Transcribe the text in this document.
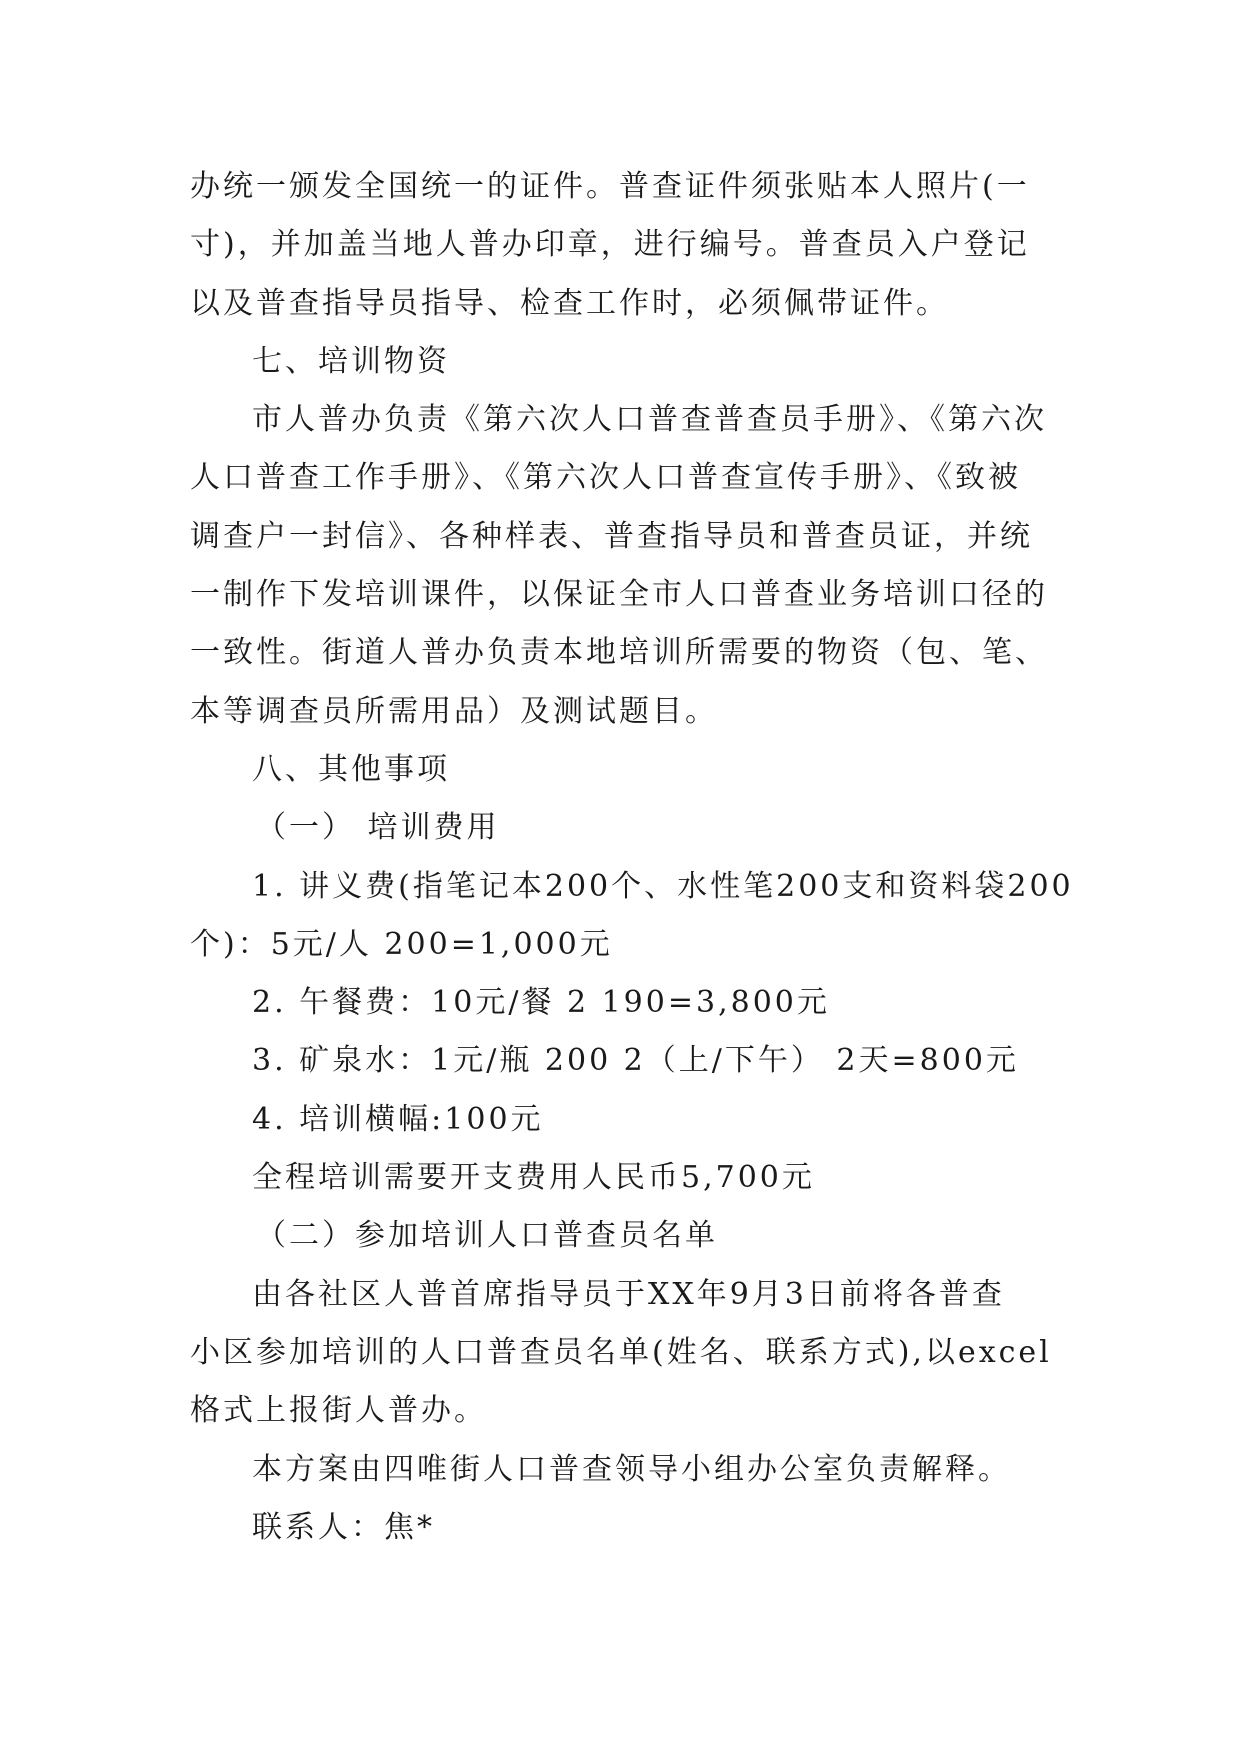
办统一颁发全国统一的证件。普查证件须张贴本人照片(一
寸)，并加盖当地人普办印章，进行编号。普查员入户登记
以及普查指导员指导、检查工作时，必须佩带证件。
七、培训物资
市人普办负责《第六次人口普查普查员手册》、《第六次
人口普查工作手册》、《第六次人口普查宣传手册》、《致被
调查户一封信》、各种样表、普查指导员和普查员证，并统
一制作下发培训课件，以保证全市人口普查业务培训口径的
一致性。街道人普办负责本地培训所需要的物资（包、笔、
本等调查员所需用品）及测试题目。
八、其他事项
（一） 培训费用
1. 讲义费(指笔记本200个、水性笔200支和资料袋200
个)：5元/人 200=1,000元
2. 午餐费：10元/餐 2 190=3,800元
3. 矿泉水：1元/瓶 200 2（上/下午） 2天=800元
4. 培训横幅:100元
全程培训需要开支费用人民币5,700元
（二）参加培训人口普查员名单
由各社区人普首席指导员于XX年9月3日前将各普查
小区参加培训的人口普查员名单(姓名、联系方式),以excel
格式上报街人普办。
本方案由四唯街人口普查领导小组办公室负责解释。
联系人：焦*
